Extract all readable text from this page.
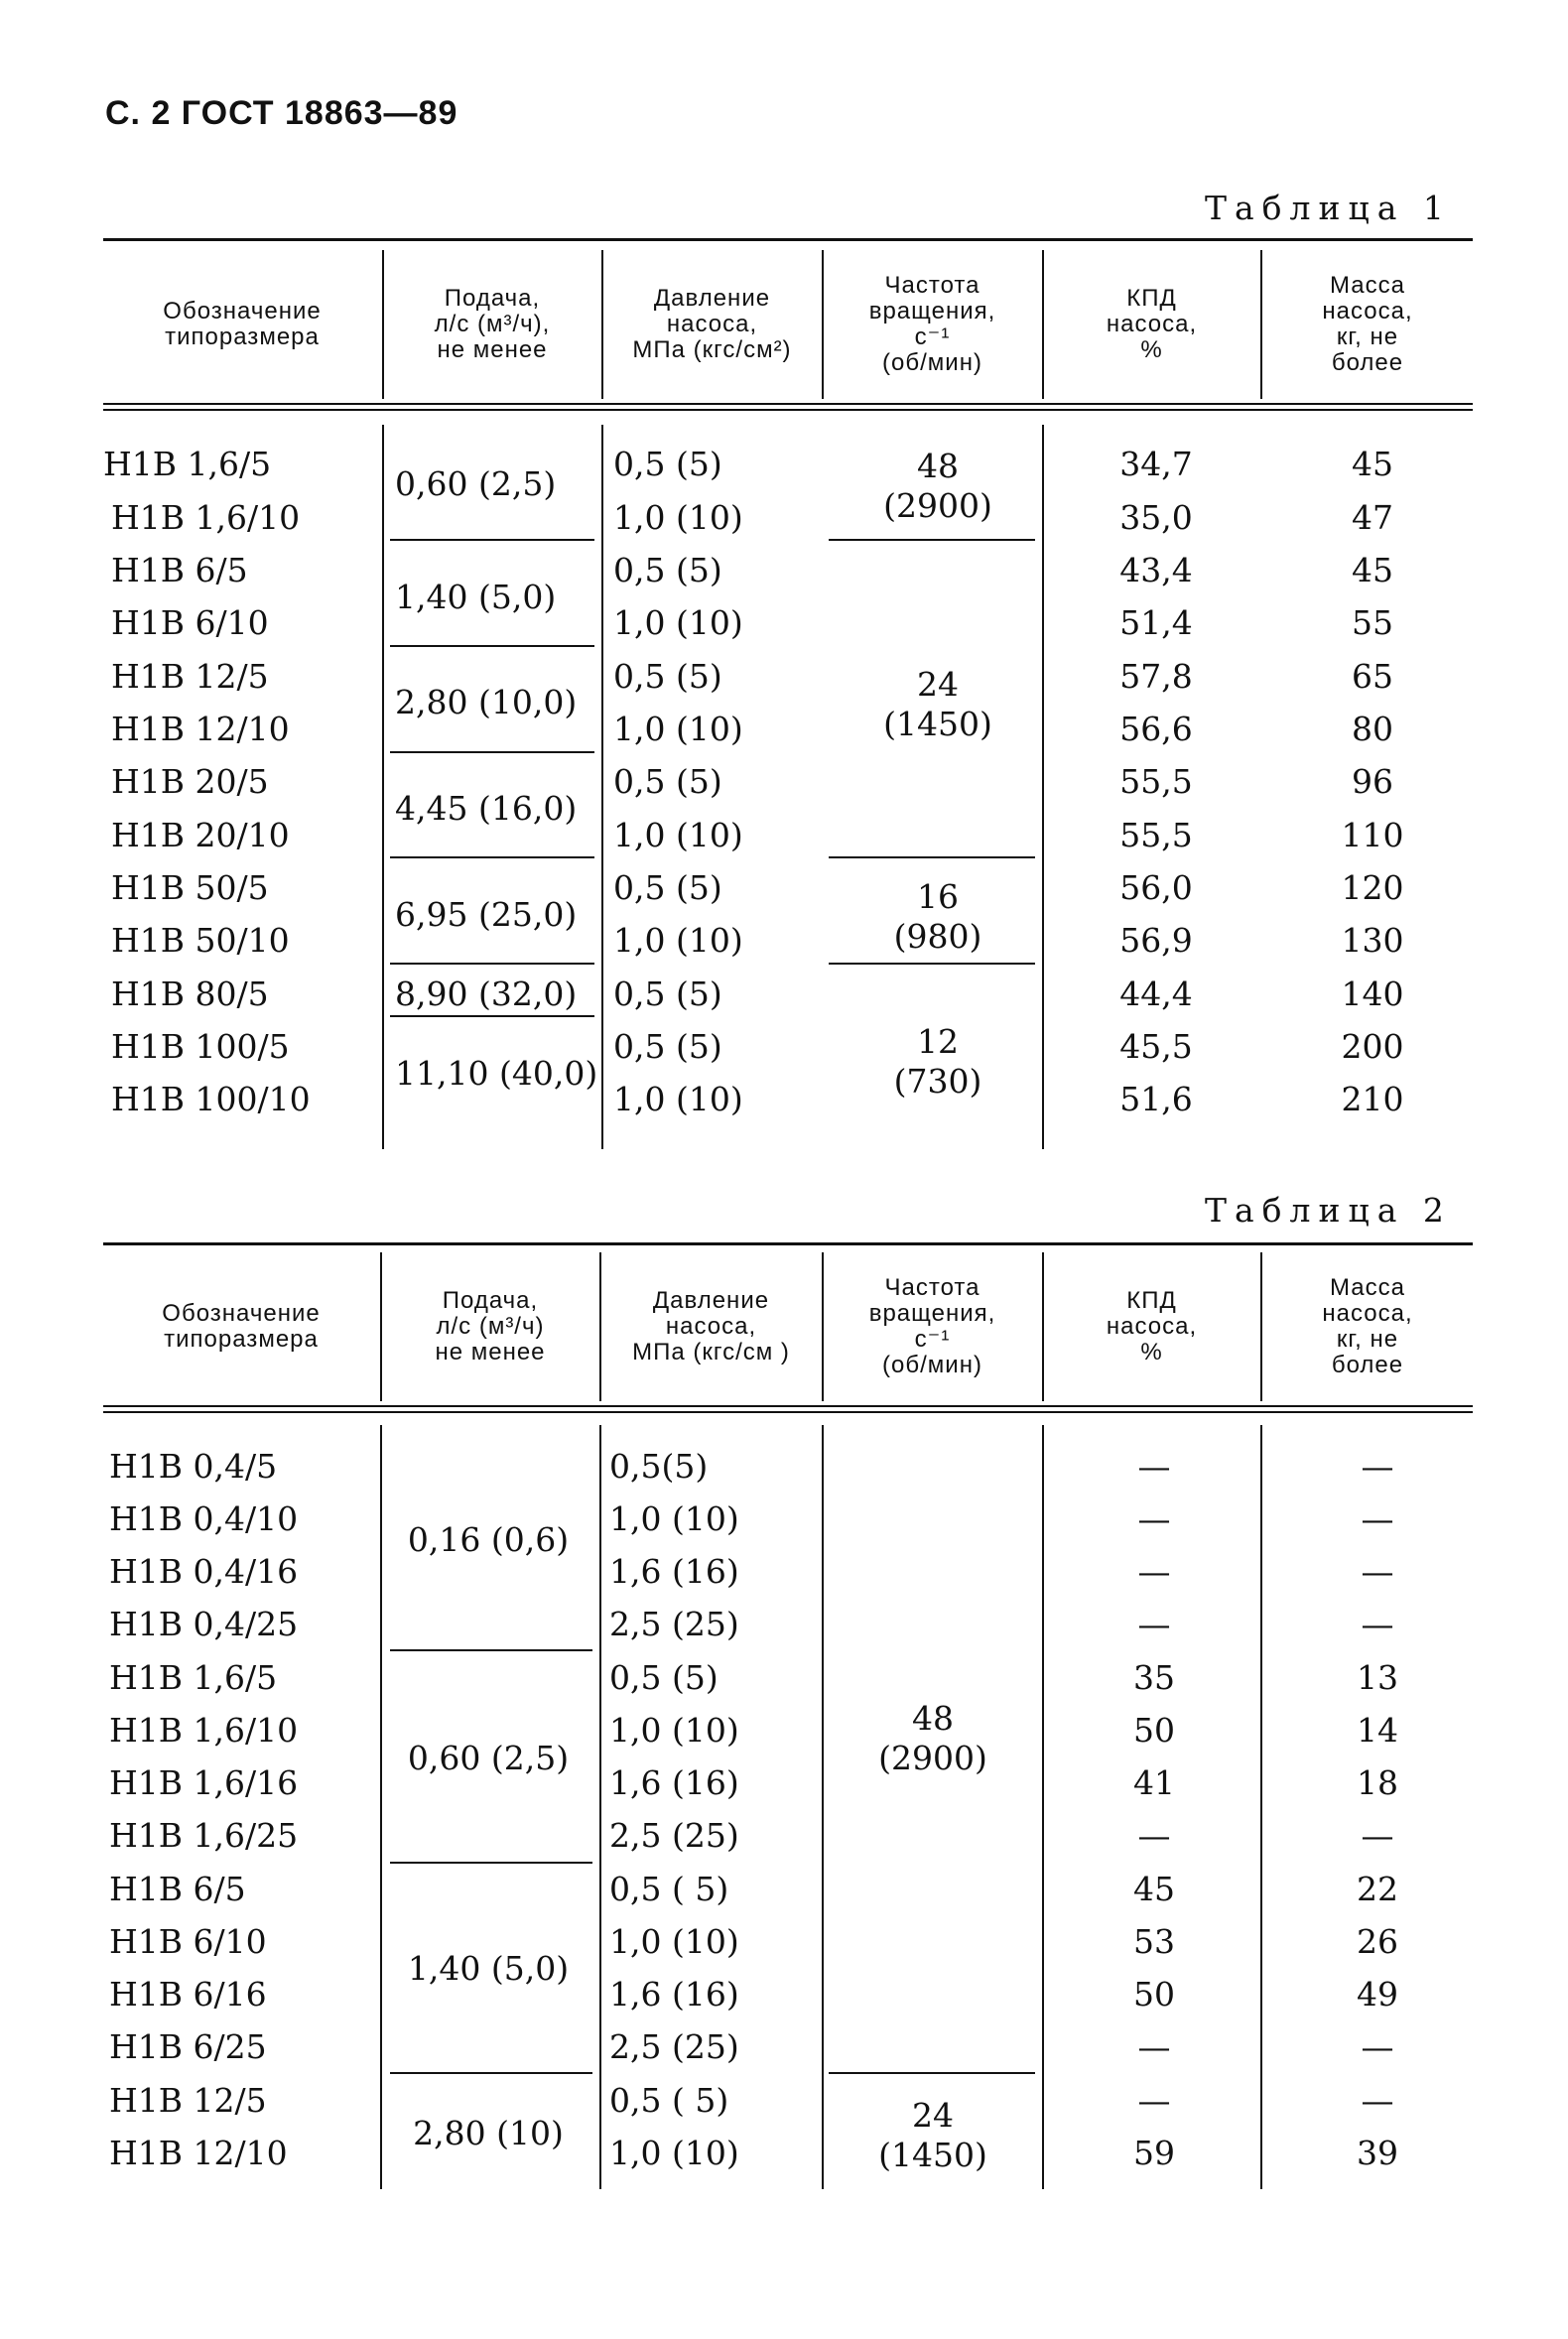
С. 2 ГОСТ 18863—89
Таблица 1
Обозначение
типоразмера
Подача,
л/с (м³/ч),
не менее
Давление
насоса,
МПа (кгс/см²)
Частота
вращения,
с⁻¹
(об/мин)
КПД
насоса,
%
Масса
насоса,
кг, не
более
Н1В 1,6/5
Н1В 1,6/10
Н1В 6/5
Н1В 6/10
Н1В 12/5
Н1В 12/10
Н1В 20/5
Н1В 20/10
Н1В 50/5
Н1В 50/10
Н1В 80/5
Н1В 100/5
Н1В 100/10
0,60 (2,5)
1,40 (5,0)
2,80 (10,0)
4,45 (16,0)
6,95 (25,0)
8,90 (32,0)
11,10 (40,0)
0,5 (5)
1,0 (10)
0,5 (5)
1,0 (10)
0,5 (5)
1,0 (10)
0,5 (5)
1,0 (10)
0,5 (5)
1,0 (10)
0,5 (5)
0,5 (5)
1,0 (10)
48
(2900)
24
(1450)
16
(980)
12
(730)
34,7
35,0
43,4
51,4
57,8
56,6
55,5
55,5
56,0
56,9
44,4
45,5
51,6
45
47
45
55
65
80
96
110
120
130
140
200
210
Таблица 2
Обозначение
типоразмера
Подача,
л/с (м³/ч)
не менее
Давление
насоса,
МПа (кгс/см )
Частота
вращения,
с⁻¹
(об/мин)
КПД
насоса,
%
Масса
насоса,
кг, не
более
Н1В 0,4/5
Н1В 0,4/10
Н1В 0,4/16
Н1В 0,4/25
Н1В 1,6/5
Н1В 1,6/10
Н1В 1,6/16
Н1В 1,6/25
Н1В 6/5
Н1В 6/10
Н1В 6/16
Н1В 6/25
Н1В 12/5
Н1В 12/10
0,16 (0,6)
0,60 (2,5)
1,40 (5,0)
2,80 (10)
0,5(5)
1,0 (10)
1,6 (16)
2,5 (25)
0,5 (5)
1,0 (10)
1,6 (16)
2,5 (25)
0,5 ( 5)
1,0 (10)
1,6 (16)
2,5 (25)
0,5 ( 5)
1,0 (10)
48
(2900)
24
(1450)
—
—
—
—
35
50
41
—
45
53
50
—
—
59
—
—
—
—
13
14
18
—
22
26
49
—
—
39
